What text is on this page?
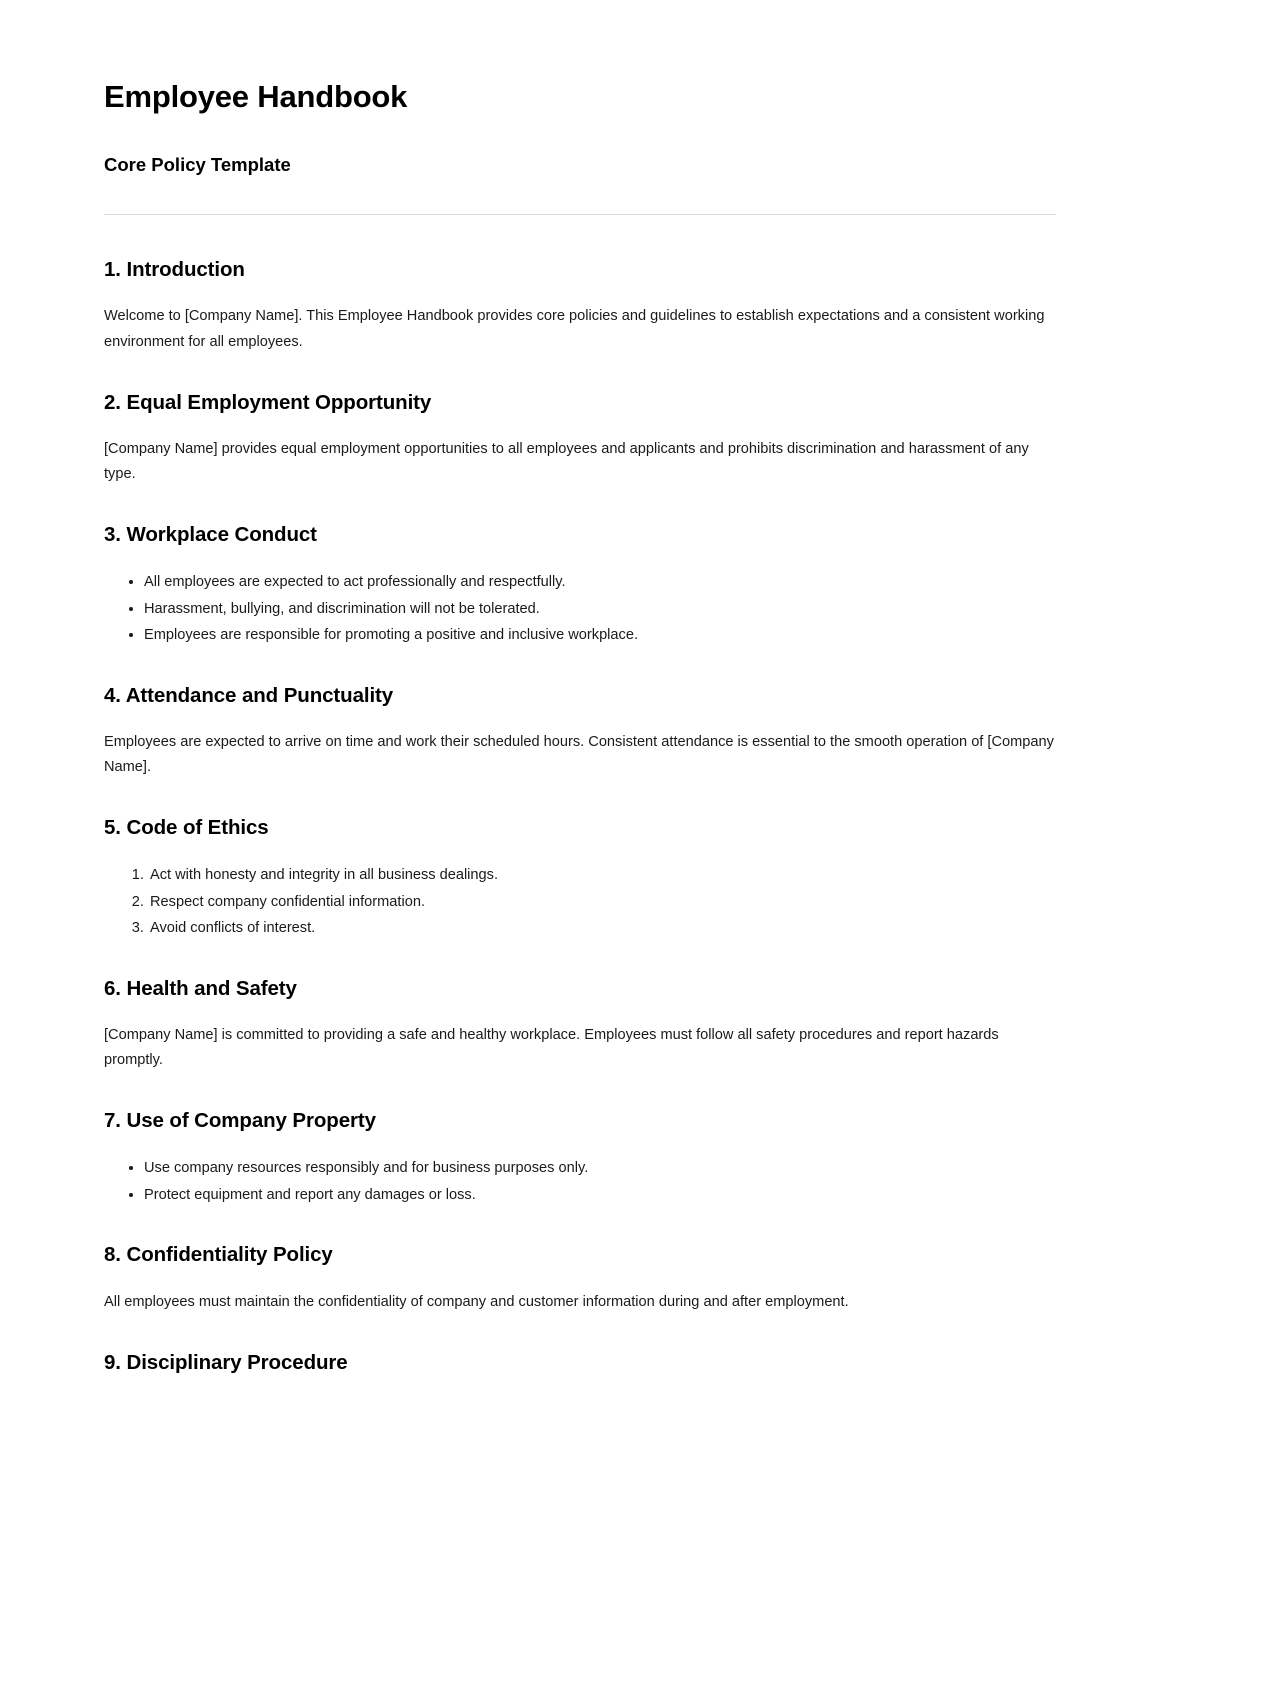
Employee Handbook
Core Policy Template
1. Introduction

Welcome to [Company Name]. This Employee Handbook provides core policies and guidelines to establish expectations and a consistent working environment for all employees.

2. Equal Employment Opportunity

[Company Name] provides equal employment opportunities to all employees and applicants and prohibits discrimination and harassment of any type.

3. Workplace Conduct
• All employees are expected to act professionally and respectfully.
• Harassment, bullying, and discrimination will not be tolerated.
• Employees are responsible for promoting a positive and inclusive workplace.
4. Attendance and Punctuality

Employees are expected to arrive on time and work their scheduled hours. Consistent attendance is essential to the smooth operation of [Company Name].

5. Code of Ethics
1. Act with honesty and integrity in all business dealings.
2. Respect company confidential information.
3. Avoid conflicts of interest.
6. Health and Safety

[Company Name] is committed to providing a safe and healthy workplace. Employees must follow all safety procedures and report hazards promptly.

7. Use of Company Property
• Use company resources responsibly and for business purposes only.
• Protect equipment and report any damages or loss.
8. Confidentiality Policy

All employees must maintain the confidentiality of company and customer information during and after employment.

9. Disciplinary Procedure
